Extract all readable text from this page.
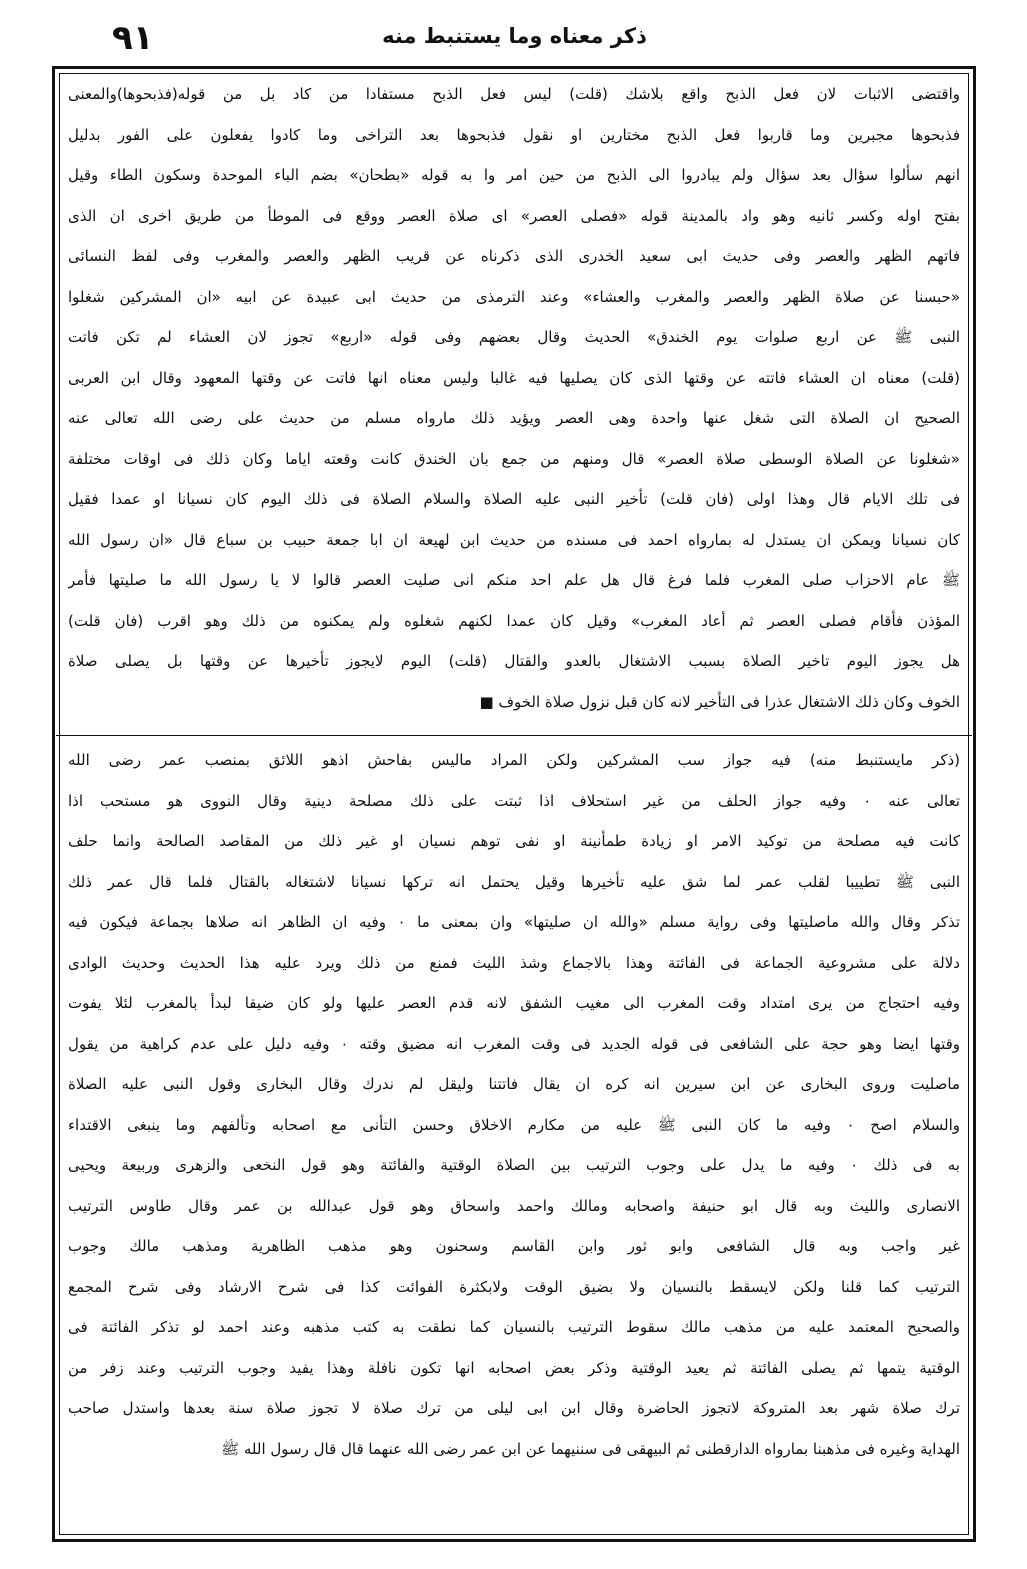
٩١	ذکر معناه وما یستنبط منه
واقتضی الاثبات لان فعل الذبح واقع بلاشك (قلت) لیس فعل الذبح مستفادا من كاد بل من قوله(فذبحوها)والمعنی
فذبحوها مجبرین وما قاربوا فعل الذبح مختارین او نقول فذبحوها بعد التراخی وما كادوا یفعلون علی الفور بدلیل
انهم سألوا سؤال بعد سؤال ولم یبادروا الی الذبح من حین امر وا به قوله «بطحان» بضم الباء الموحدة وسكون الطاء وقیل
بفتح اوله وكسر ثانیه وهو واد بالمدینة قوله «فصلی العصر» ای صلاة العصر ووقع فی الموطأ من طریق اخری ان الذی
فاتهم الظهر والعصر وفی حدیث ابی سعید الخدری الذی ذکرناه عن قریب الظهر والعصر والمغرب وفی لفظ النسائی
«حبسنا عن صلاة الظهر والعصر والمغرب والعشاء» وعند الترمذی من حدیث ابی عبیدة عن ابیه «ان المشرکین شغلوا
النبی ﷺ عن اربع صلوات یوم الخندق» الحدیث وقال بعضهم وفی قوله «اربع» تجوز لان العشاء لم تكن فاتت
(قلت) معناه ان العشاء فاتته عن وقتها الذی كان یصلیها فیه غالبا ولیس معناه انها فاتت عن وقتها المعهود وقال ابن العربی
الصحیح ان الصلاة التی شغل عنها واحدة وهی العصر ویؤید ذلك مارواه مسلم من حدیث علی رضی الله تعالی عنه
«شغلونا عن الصلاة الوسطی صلاة العصر» قال ومنهم من جمع بان الخندق كانت وقعته ایاما وكان ذلك فی اوقات مختلفة
فی تلك الایام قال وهذا اولی (فان قلت) تأخیر النبی علیه الصلاة والسلام الصلاة فی ذلك الیوم كان نسیانا او عمدا فقیل
كان نسیانا ویمكن ان یستدل له بمارواه احمد فی مسنده من حدیث ابن لهیعة ان ابا جمعة حبیب بن سباع قال «ان رسول الله
ﷺ عام الاحزاب صلی المغرب فلما فرغ قال هل علم احد منكم انی صلیت العصر قالوا لا یا رسول الله ما صلیتها فأمر
المؤذن فأقام فصلی العصر ثم أعاد المغرب» وقیل كان عمدا لكنهم شغلوه ولم یمكنوه من ذلك وهو اقرب (فان قلت)
هل یجوز الیوم تاخیر الصلاة بسبب الاشتغال بالعدو والقتال (قلت) الیوم لایجوز تأخیرها عن وقتها بل یصلی صلاة
الخوف وكان ذلك الاشتغال عذرا فی التأخیر لانه كان قبل نزول صلاة الخوف ■
(ذکر مایستنبط منه) فیه جواز سب المشرکین ولكن المراد مالیس بفاحش اذهو اللائق بمنصب عمر رضی الله
تعالی عنه ٠ وفیه جواز الحلف من غیر استحلاف اذا ثبتت علی ذلك مصلحة دینیة وقال النووی هو مستحب اذا
كانت فیه مصلحة من توكید الامر او زیادة طمأنینة او نفی توهم نسیان او غیر ذلك من المقاصد الصالحة وانما حلف
النبی ﷺ تطییبا لقلب عمر لما شق علیه تأخیرها وقیل یحتمل انه تركها نسیانا لاشتغاله بالقتال فلما قال عمر ذلك
تذكر وقال والله ماصلیتها وفی روایة مسلم «والله ان صلیتها» وان بمعنی ما ٠ وفیه ان الظاهر انه صلاها بجماعة فیكون فیه
دلالة علی مشروعیة الجماعة فی الفائتة وهذا بالاجماع وشذ اللیث فمنع من ذلك ویرد علیه هذا الحدیث وحدیث الوادی
وفیه احتجاج من یری امتداد وقت المغرب الی مغیب الشفق لانه قدم العصر علیها ولو كان ضیقا لبدأ بالمغرب لئلا یفوت
وقتها ایضا وهو حجة علی الشافعی فی قوله الجدید فی وقت المغرب انه مضیق وقته ٠ وفیه دلیل علی عدم كراهیة من یقول
ماصلیت وروی البخاری عن ابن سیرین انه كره ان یقال فاتتنا ولیقل لم ندرك وقال البخاری وقول النبی علیه الصلاة
والسلام اصح ٠ وفیه ما كان النبی ﷺ علیه من مكارم الاخلاق وحسن التأنی مع اصحابه وتألفهم وما ینبغی الاقتداء
به فی ذلك ٠ وفیه ما یدل علی وجوب الترتیب بین الصلاة الوقتیة والفائتة وهو قول النخعی والزهری وربیعة ویحیی
الانصاری واللیث وبه قال ابو حنیفة واصحابه ومالك واحمد واسحاق وهو قول عبدالله بن عمر وقال طاوس الترتیب
غیر واجب وبه قال الشافعی وابو ثور وابن القاسم وسحنون وهو مذهب الظاهریة ومذهب مالك وجوب
الترتیب كما قلنا ولكن لایسقط بالنسیان ولا بضیق الوقت ولابكثرة الفوائت كذا فی شرح الارشاد وفی شرح المجمع
والصحیح المعتمد علیه من مذهب مالك سقوط الترتیب بالنسیان كما نطقت به كتب مذهبه وعند احمد لو تذكر الفائتة فی
الوقتیة یتمها ثم یصلی الفائتة ثم یعید الوقتیة وذكر بعض اصحابه انها تكون نافلة وهذا یفید وجوب الترتیب وعند زفر من
ترك صلاة شهر بعد المتروكة لاتجوز الحاضرة وقال ابن ابی لیلی من ترك صلاة لا تجوز صلاة سنة بعدها واستدل صاحب
الهدایة وغیره فی مذهبنا بمارواه الدارقطنی ثم البیهقی فی سننیهما عن ابن عمر رضی الله عنهما قال قال رسول الله ﷺ
